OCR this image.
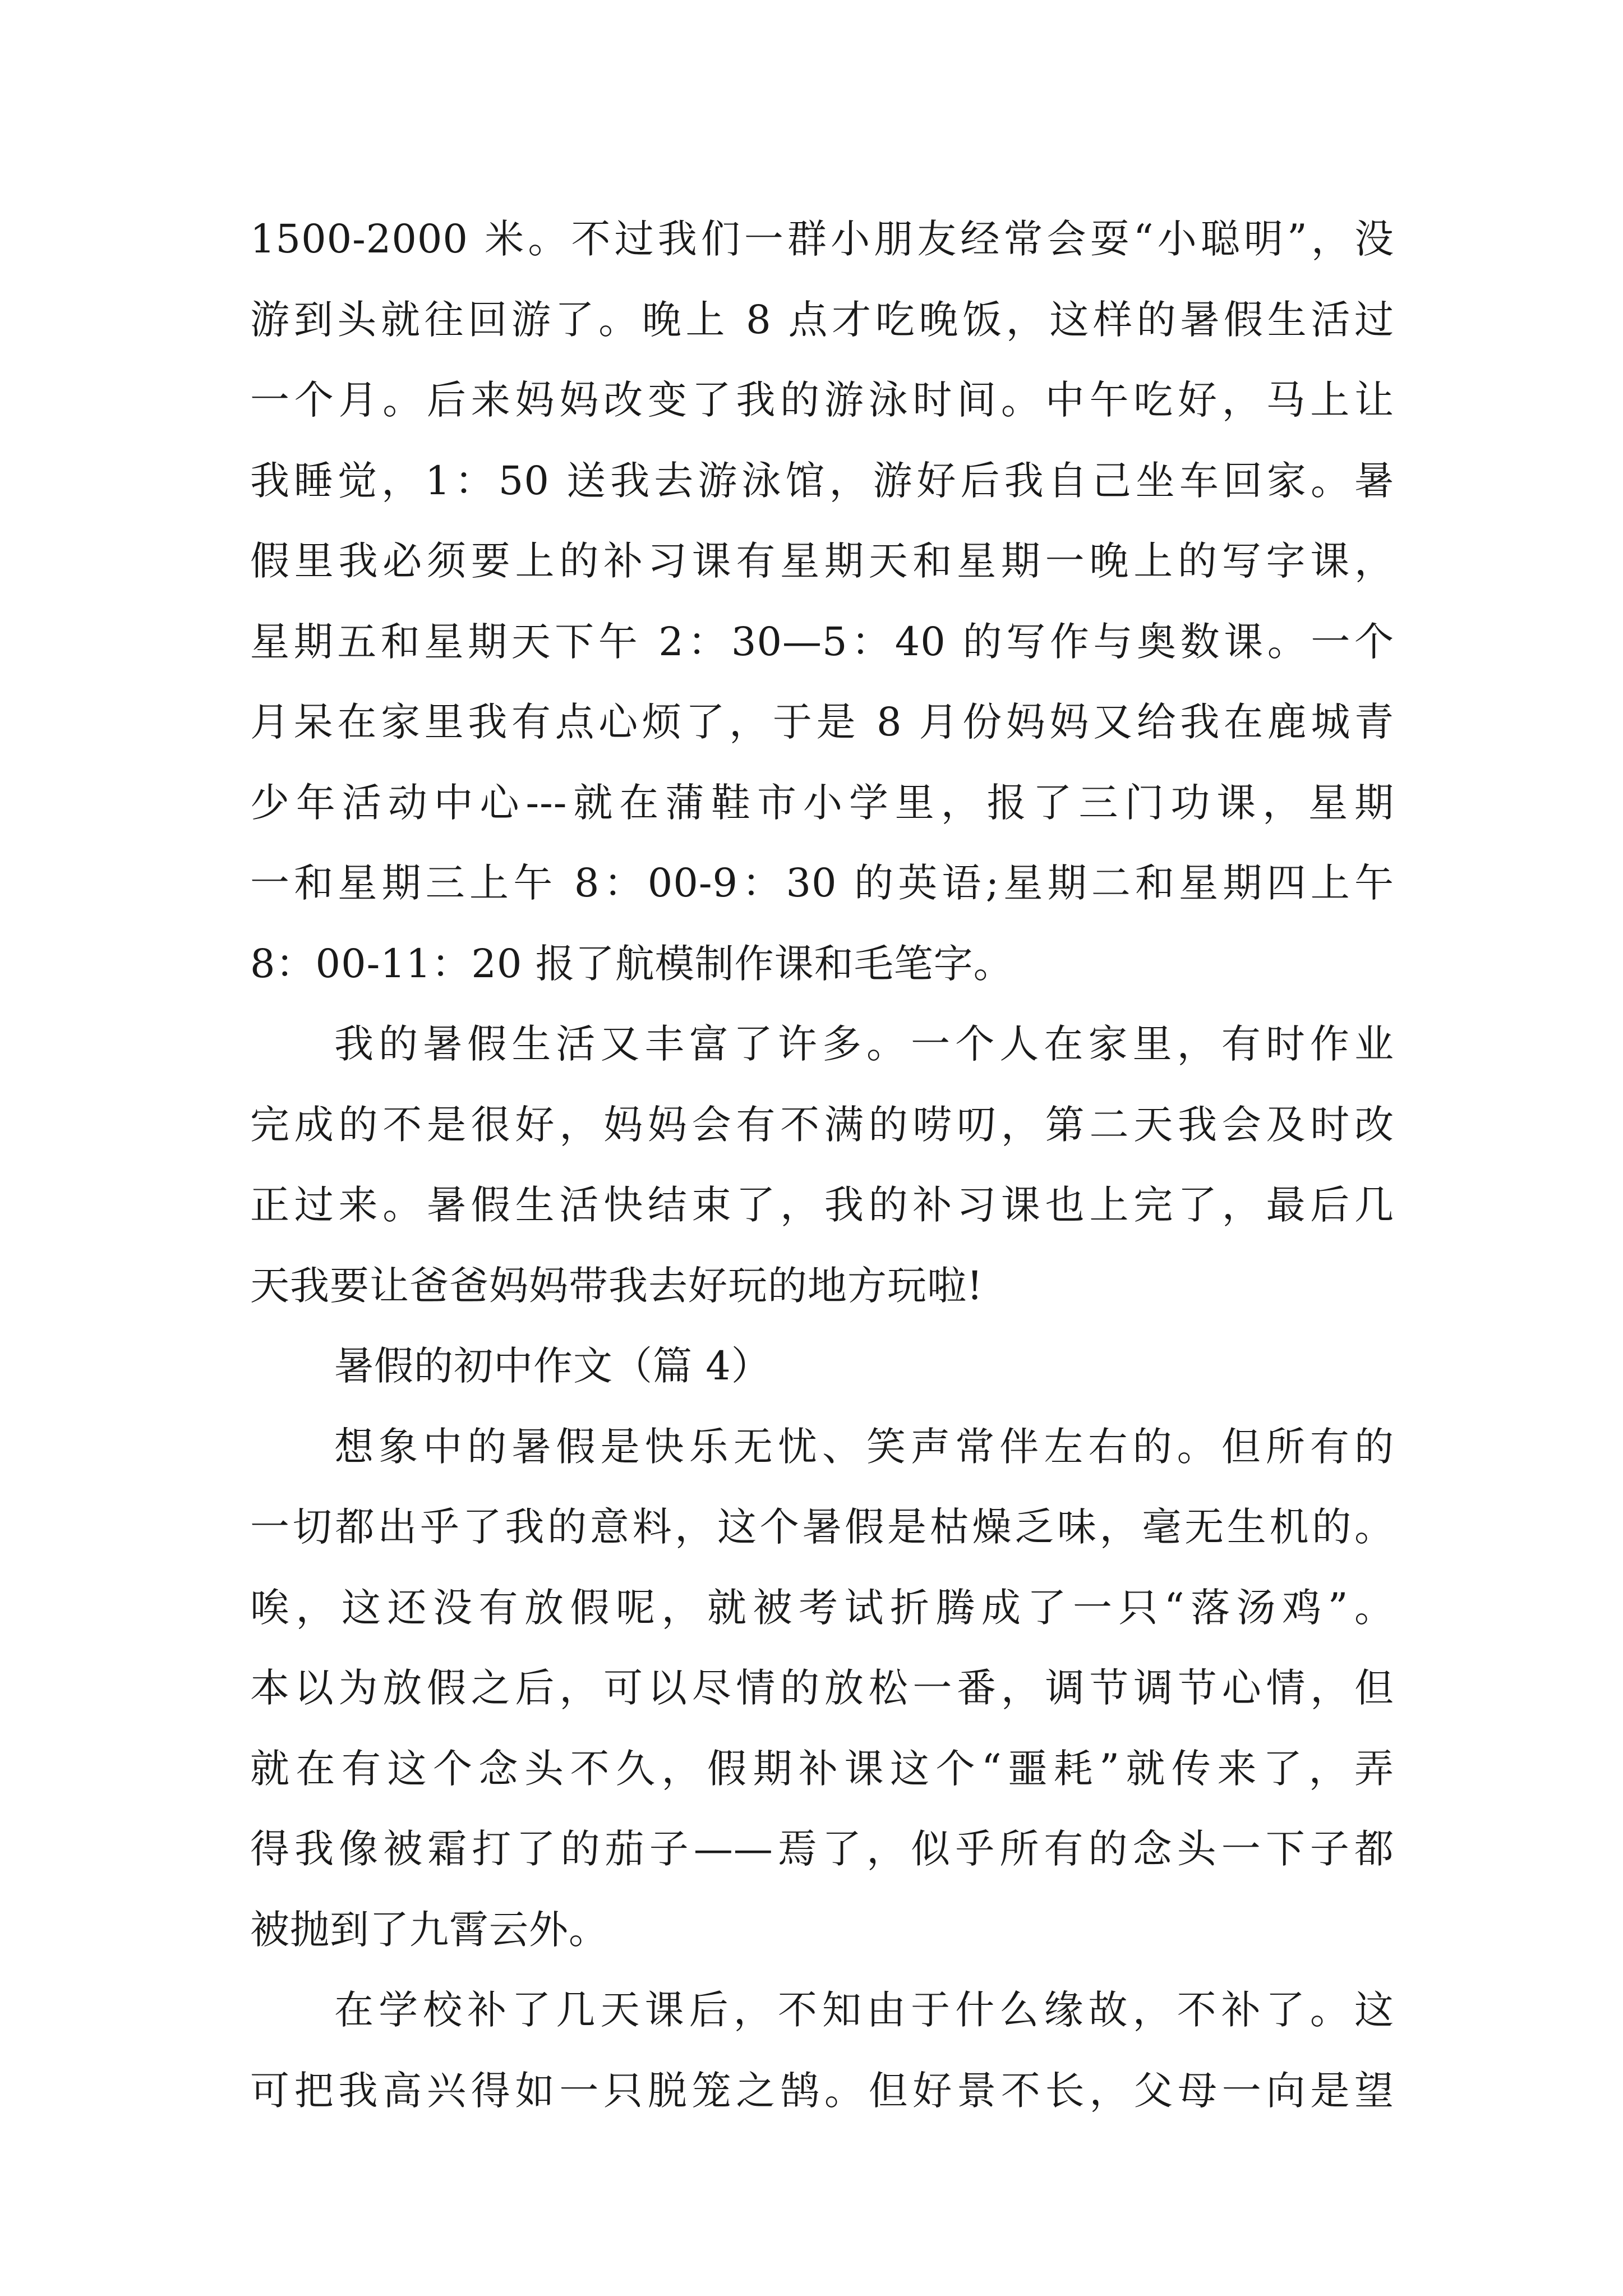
1500-2000 米。不过我们一群小朋友经常会耍“小聪明”，没
游到头就往回游了。晚上 8 点才吃晚饭，这样的暑假生活过
一个月。后来妈妈改变了我的游泳时间。中午吃好，马上让
我睡觉，1：50 送我去游泳馆，游好后我自己坐车回家。暑
假里我必须要上的补习课有星期天和星期一晚上的写字课，
星期五和星期天下午 2：30—5：40 的写作与奥数课。一个
月呆在家里我有点心烦了，于是 8 月份妈妈又给我在鹿城青
少年活动中心---就在蒲鞋市小学里，报了三门功课，星期
一和星期三上午 8：00-9：30 的英语;星期二和星期四上午
8：00-11：20 报了航模制作课和毛笔字。
我的暑假生活又丰富了许多。一个人在家里，有时作业
完成的不是很好，妈妈会有不满的唠叨，第二天我会及时改
正过来。暑假生活快结束了，我的补习课也上完了，最后几
天我要让爸爸妈妈带我去好玩的地方玩啦!
暑假的初中作文（篇 4）
想象中的暑假是快乐无忧、笑声常伴左右的。但所有的
一切都出乎了我的意料，这个暑假是枯燥乏味，毫无生机的。
唉，这还没有放假呢，就被考试折腾成了一只“落汤鸡”。
本以为放假之后，可以尽情的放松一番，调节调节心情，但
就在有这个念头不久，假期补课这个“噩耗”就传来了，弄
得我像被霜打了的茄子——焉了，似乎所有的念头一下子都
被抛到了九霄云外。
在学校补了几天课后，不知由于什么缘故，不补了。这
可把我高兴得如一只脱笼之鹄。但好景不长，父母一向是望
